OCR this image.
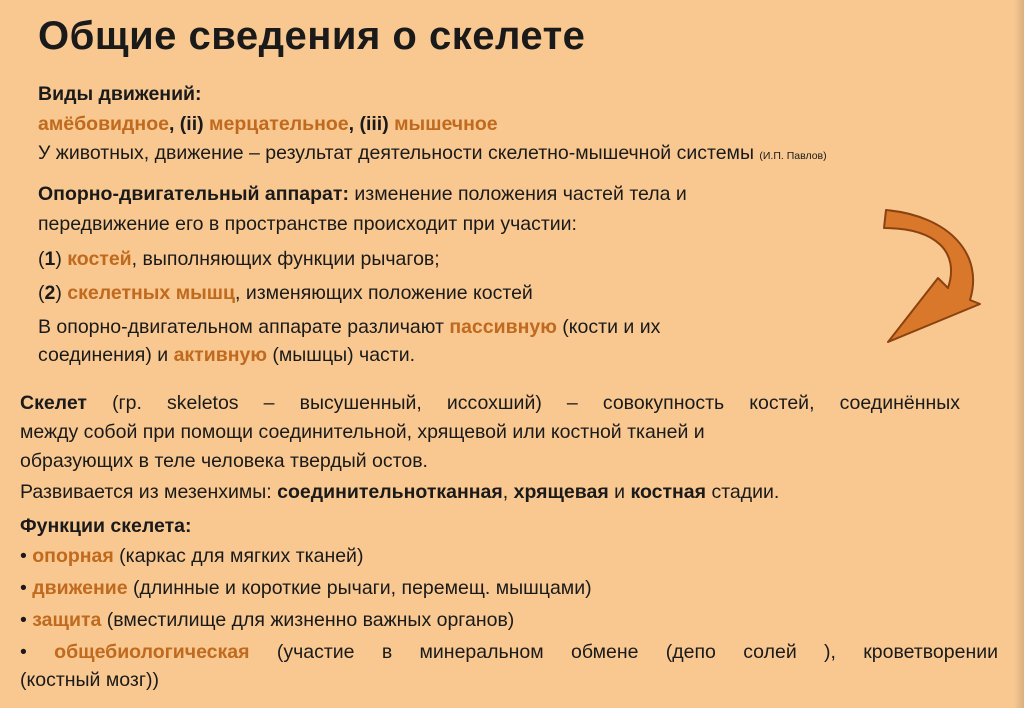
Общие сведения о скелете
Виды движений:
амёбовидное, (ii) мерцательное, (iii) мышечное
У животных, движение – результат деятельности скелетно-мышечной системы (И.П. Павлов)
Опорно-двигательный аппарат: изменение положения частей тела и
передвижение его в пространстве происходит при участии:
(1) костей, выполняющих функции рычагов;
(2) скелетных мышц, изменяющих положение костей
В опорно-двигательном аппарате различают пассивную (кости и их
соединения) и активную (мышцы) части.
Скелет (гр. skeletos – высушенный, иссохший) – совокупность костей, соединённых
между собой при помощи соединительной, хрящевой или костной тканей и
образующих в теле человека твердый остов.
Развивается из мезенхимы: соединительнотканная, хрящевая и костная стадии.
Функции скелета:
• опорная (каркас для мягких тканей)
• движение (длинные и короткие рычаги, перемещ. мышцами)
• защита (вместилище для жизненно важных органов)
• общебиологическая (участие в минеральном обмене (депо солей ), кроветворении
(костный мозг))
